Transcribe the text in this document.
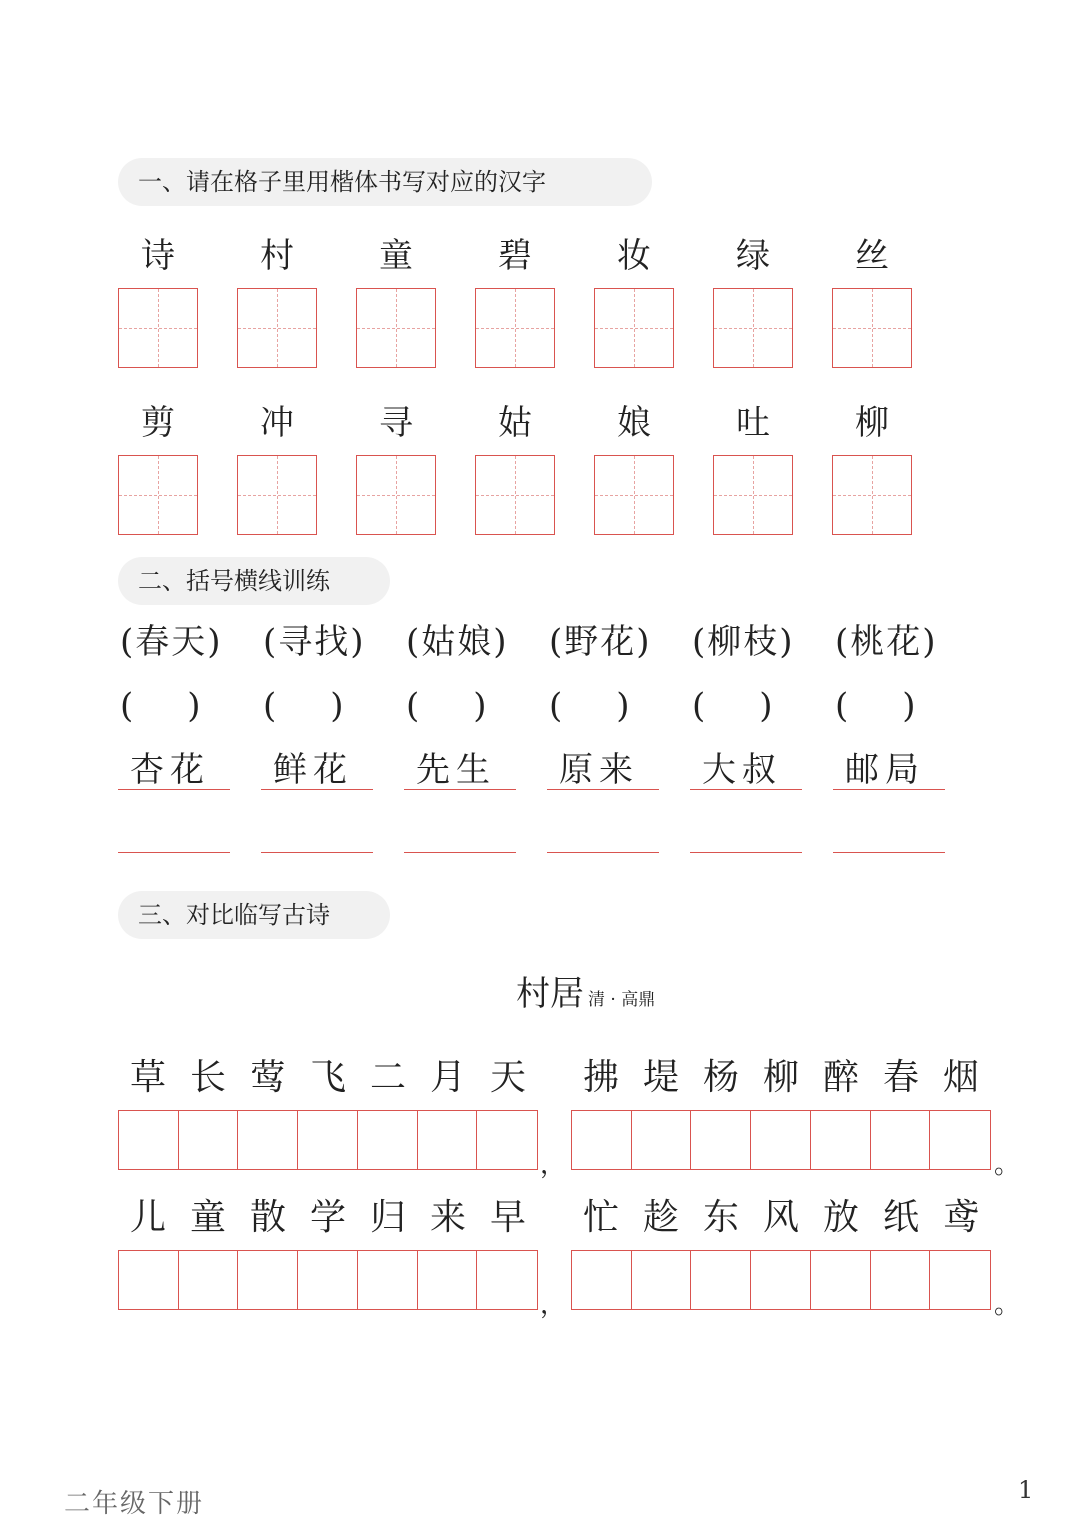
一、请在格子里用楷体书写对应的汉字
诗	村	童	碧	妆	绿	丝
剪	冲	寻	姑	娘	吐	柳
二、括号横线训练
(春天) (寻找) (姑娘) (野花) (柳枝) (桃花)
(     ) (     ) (     ) (     ) (     ) (     )
杏花 鲜花 先生 原来 大叔 邮局
三、对比临写古诗
村居 清 · 高鼎
草 长 莺 飞 二 月 天	拂 堤 杨 柳 醉 春 烟
，	。
儿 童 散 学 归 来 早	忙 趁 东 风 放 纸 鸢
，	。
二年级下册	1
